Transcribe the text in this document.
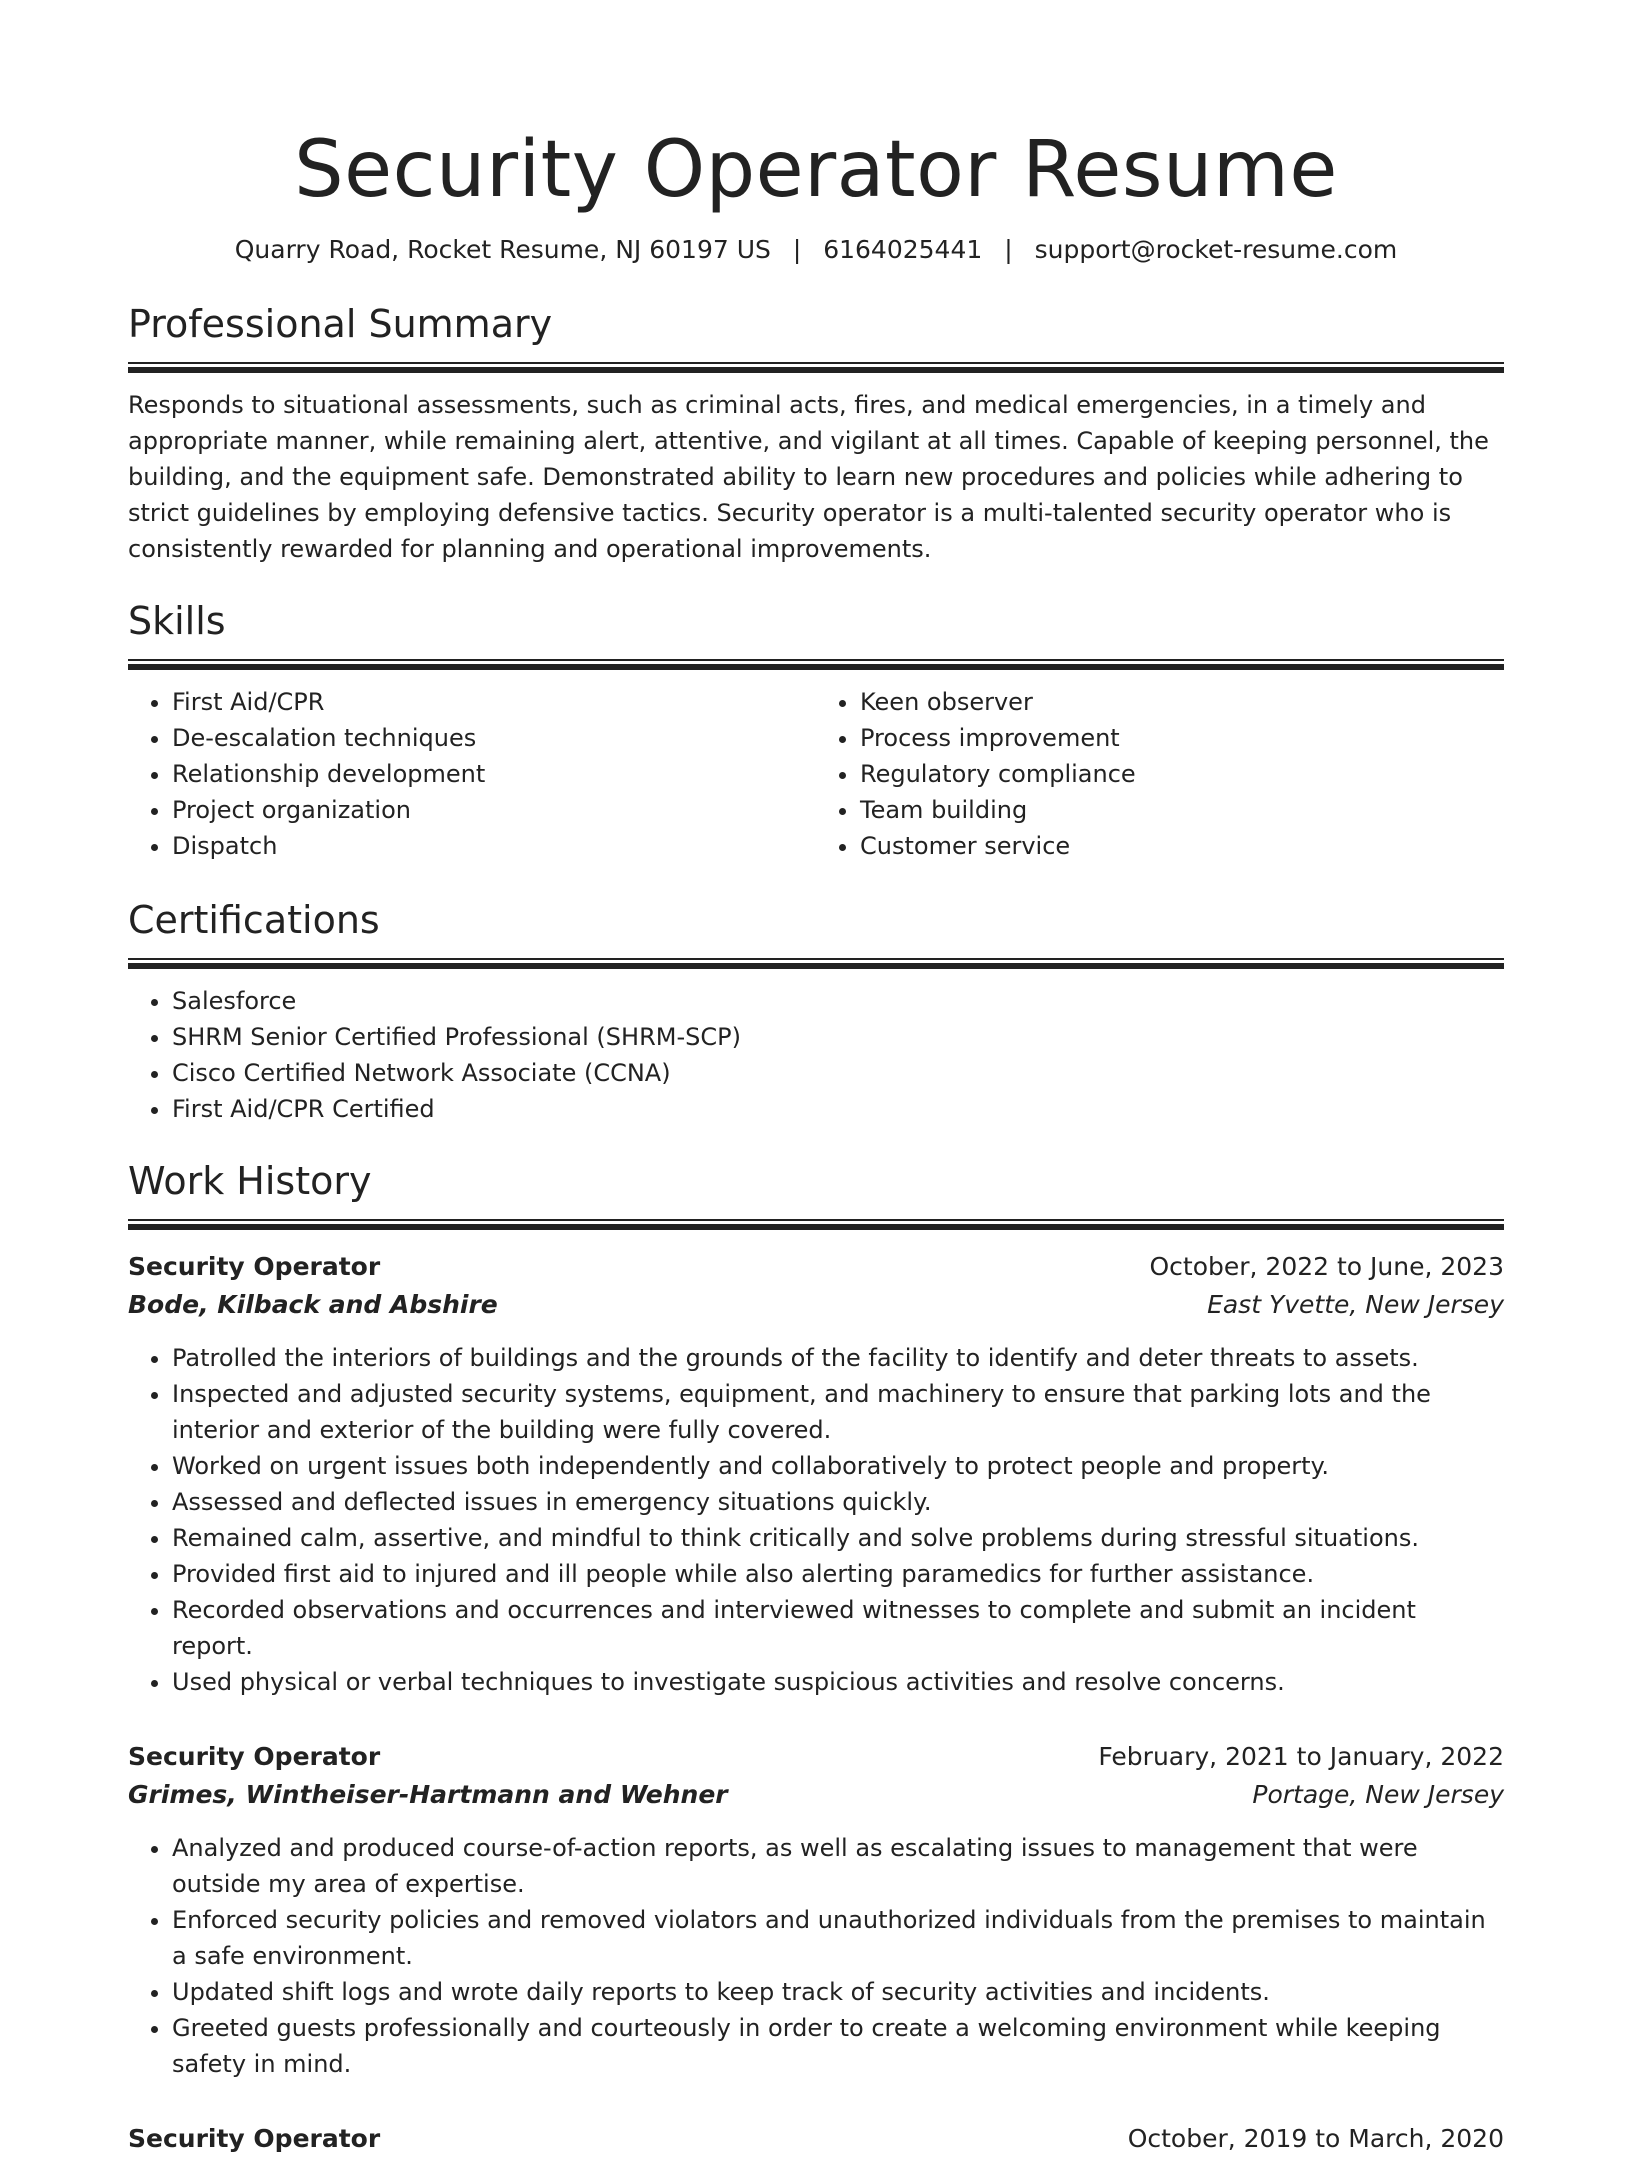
Security Operator Resume
Quarry Road, Rocket Resume, NJ 60197 US | 6164025441 | support@rocket-resume.com
Professional Summary
Responds to situational assessments, such as criminal acts, fires, and medical emergencies, in a timely and appropriate manner, while remaining alert, attentive, and vigilant at all times. Capable of keeping personnel, the building, and the equipment safe. Demonstrated ability to learn new procedures and policies while adhering to strict guidelines by employing defensive tactics. Security operator is a multi-talented security operator who is consistently rewarded for planning and operational improvements.
Skills
• First Aid/CPR
• De-escalation techniques
• Relationship development
• Project organization
• Dispatch
• Keen observer
• Process improvement
• Regulatory compliance
• Team building
• Customer service
Certifications
• Salesforce
• SHRM Senior Certified Professional (SHRM-SCP)
• Cisco Certified Network Associate (CCNA)
• First Aid/CPR Certified
Work History
Security Operator	October, 2022 to June, 2023
Bode, Kilback and Abshire	East Yvette, New Jersey
• Patrolled the interiors of buildings and the grounds of the facility to identify and deter threats to assets.
• Inspected and adjusted security systems, equipment, and machinery to ensure that parking lots and the interior and exterior of the building were fully covered.
• Worked on urgent issues both independently and collaboratively to protect people and property.
• Assessed and deflected issues in emergency situations quickly.
• Remained calm, assertive, and mindful to think critically and solve problems during stressful situations.
• Provided first aid to injured and ill people while also alerting paramedics for further assistance.
• Recorded observations and occurrences and interviewed witnesses to complete and submit an incident report.
• Used physical or verbal techniques to investigate suspicious activities and resolve concerns.
Security Operator	February, 2021 to January, 2022
Grimes, Wintheiser-Hartmann and Wehner	Portage, New Jersey
• Analyzed and produced course-of-action reports, as well as escalating issues to management that were outside my area of expertise.
• Enforced security policies and removed violators and unauthorized individuals from the premises to maintain a safe environment.
• Updated shift logs and wrote daily reports to keep track of security activities and incidents.
• Greeted guests professionally and courteously in order to create a welcoming environment while keeping safety in mind.
Security Operator	October, 2019 to March, 2020
